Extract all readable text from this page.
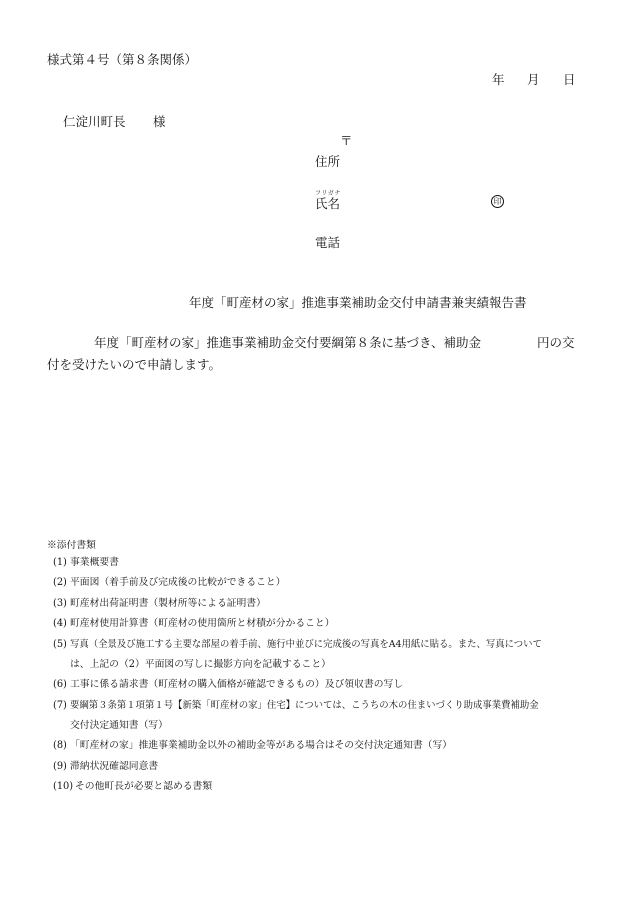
様式第４号（第８条関係）
年 月 日
仁淀川町長 様
〒
住所
フリガナ
氏名	印
電話
年度「町産材の家」推進事業補助金交付申請書兼実績報告書
年度「町産材の家」推進事業補助金交付要綱第８条に基づき、補助金	円の交
付を受けたいので申請します。
※添付書類
(1) 事業概要書
(2) 平面図（着手前及び完成後の比較ができること）
(3) 町産材出荷証明書（製材所等による証明書）
(4) 町産材使用計算書（町産材の使用箇所と材積が分かること）
(5) 写真（全景及び施工する主要な部屋の着手前、施行中並びに完成後の写真をA4用紙に貼る。また、写真について
は、上記の（2）平面図の写しに撮影方向を記載すること）
(6) 工事に係る請求書（町産材の購入価格が確認できるもの）及び領収書の写し
(7) 要綱第３条第１項第１号【新築「町産材の家」住宅】については、こうちの木の住まいづくり助成事業費補助金
交付決定通知書（写）
(8) 「町産材の家」推進事業補助金以外の補助金等がある場合はその交付決定通知書（写）
(9) 滞納状況確認同意書
(10) その他町長が必要と認める書類
